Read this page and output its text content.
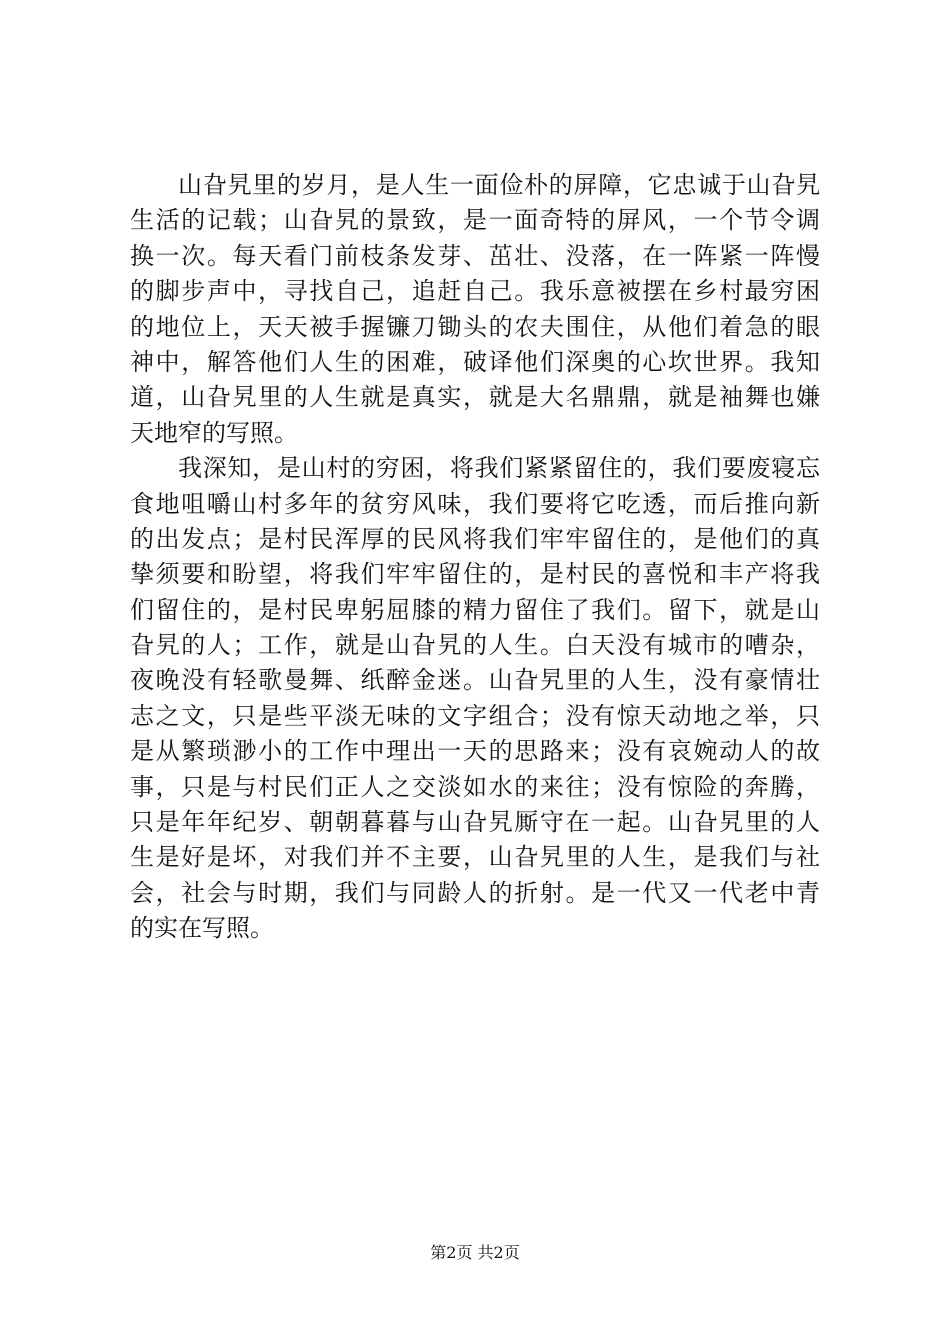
山旮旯里的岁月，是人生一面俭朴的屏障，它忠诚于山旮旯
生活的记载；山旮旯的景致，是一面奇特的屏风，一个节令调
换一次。每天看门前枝条发芽、茁壮、没落，在一阵紧一阵慢
的脚步声中，寻找自己，追赶自己。我乐意被摆在乡村最穷困
的地位上，天天被手握镰刀锄头的农夫围住，从他们着急的眼
神中，解答他们人生的困难，破译他们深奥的心坎世界。我知
道，山旮旯里的人生就是真实，就是大名鼎鼎，就是袖舞也嫌
天地窄的写照。
我深知，是山村的穷困，将我们紧紧留住的，我们要废寝忘
食地咀嚼山村多年的贫穷风味，我们要将它吃透，而后推向新
的出发点；是村民浑厚的民风将我们牢牢留住的，是他们的真
挚须要和盼望，将我们牢牢留住的，是村民的喜悦和丰产将我
们留住的，是村民卑躬屈膝的精力留住了我们。留下，就是山
旮旯的人；工作，就是山旮旯的人生。白天没有城市的嘈杂，
夜晚没有轻歌曼舞、纸醉金迷。山旮旯里的人生，没有豪情壮
志之文，只是些平淡无味的文字组合；没有惊天动地之举，只
是从繁琐渺小的工作中理出一天的思路来；没有哀婉动人的故
事，只是与村民们正人之交淡如水的来往；没有惊险的奔腾，
只是年年纪岁、朝朝暮暮与山旮旯厮守在一起。山旮旯里的人
生是好是坏，对我们并不主要，山旮旯里的人生，是我们与社
会，社会与时期，我们与同龄人的折射。是一代又一代老中青
的实在写照。
第2页 共2页
